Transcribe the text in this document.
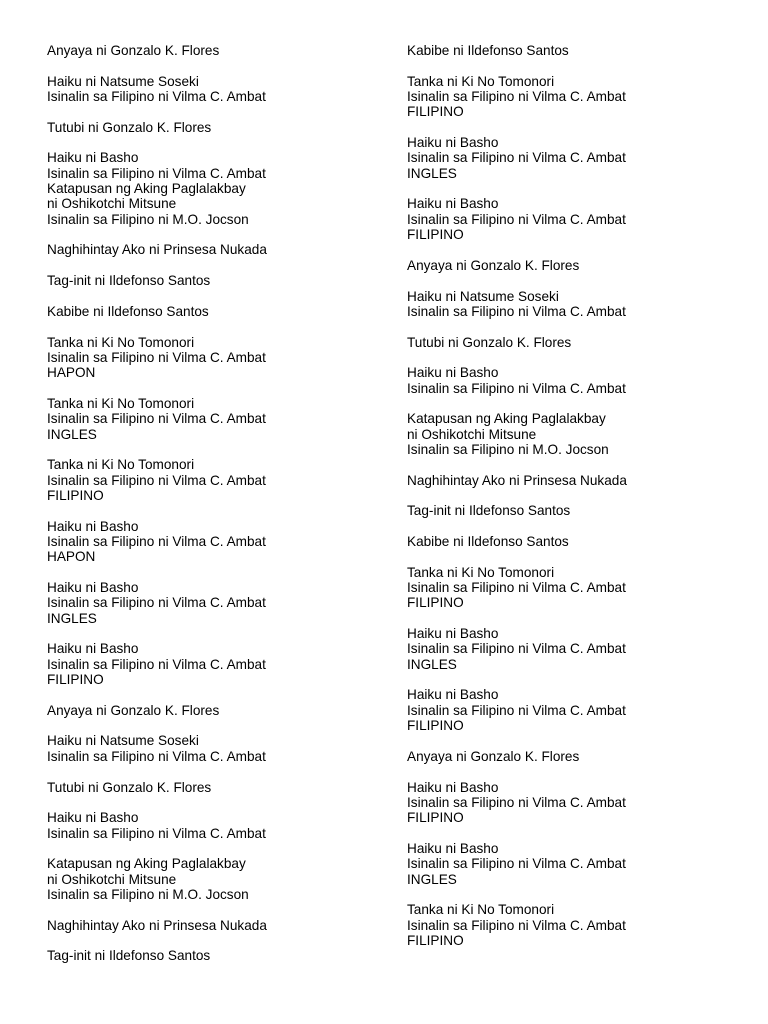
Anyaya ni Gonzalo K. Flores
Haiku ni Natsume Soseki
Isinalin sa Filipino ni Vilma C. Ambat
Tutubi ni Gonzalo K. Flores
Haiku ni Basho
Isinalin sa Filipino ni Vilma C. Ambat
Katapusan ng Aking Paglalakbay
ni Oshikotchi Mitsune
Isinalin sa Filipino ni M.O. Jocson
Naghihintay Ako ni Prinsesa Nukada
Tag-init ni Ildefonso Santos
Kabibe ni Ildefonso Santos
Tanka ni Ki No Tomonori
Isinalin sa Filipino ni Vilma C. Ambat
HAPON
Tanka ni Ki No Tomonori
Isinalin sa Filipino ni Vilma C. Ambat
INGLES
Tanka ni Ki No Tomonori
Isinalin sa Filipino ni Vilma C. Ambat
FILIPINO
Haiku ni Basho
Isinalin sa Filipino ni Vilma C. Ambat
HAPON
Haiku ni Basho
Isinalin sa Filipino ni Vilma C. Ambat
INGLES
Haiku ni Basho
Isinalin sa Filipino ni Vilma C. Ambat
FILIPINO
Anyaya ni Gonzalo K. Flores
Haiku ni Natsume Soseki
Isinalin sa Filipino ni Vilma C. Ambat
Tutubi ni Gonzalo K. Flores
Haiku ni Basho
Isinalin sa Filipino ni Vilma C. Ambat
Katapusan ng Aking Paglalakbay
ni Oshikotchi Mitsune
Isinalin sa Filipino ni M.O. Jocson
Naghihintay Ako ni Prinsesa Nukada
Tag-init ni Ildefonso Santos
Kabibe ni Ildefonso Santos
Tanka ni Ki No Tomonori
Isinalin sa Filipino ni Vilma C. Ambat
FILIPINO
Haiku ni Basho
Isinalin sa Filipino ni Vilma C. Ambat
INGLES
Haiku ni Basho
Isinalin sa Filipino ni Vilma C. Ambat
FILIPINO
Anyaya ni Gonzalo K. Flores
Haiku ni Natsume Soseki
Isinalin sa Filipino ni Vilma C. Ambat
Tutubi ni Gonzalo K. Flores
Haiku ni Basho
Isinalin sa Filipino ni Vilma C. Ambat
Katapusan ng Aking Paglalakbay
ni Oshikotchi Mitsune
Isinalin sa Filipino ni M.O. Jocson
Naghihintay Ako ni Prinsesa Nukada
Tag-init ni Ildefonso Santos
Kabibe ni Ildefonso Santos
Tanka ni Ki No Tomonori
Isinalin sa Filipino ni Vilma C. Ambat
FILIPINO
Haiku ni Basho
Isinalin sa Filipino ni Vilma C. Ambat
INGLES
Haiku ni Basho
Isinalin sa Filipino ni Vilma C. Ambat
FILIPINO
Anyaya ni Gonzalo K. Flores
Haiku ni Basho
Isinalin sa Filipino ni Vilma C. Ambat
FILIPINO
Haiku ni Basho
Isinalin sa Filipino ni Vilma C. Ambat
INGLES
Tanka ni Ki No Tomonori
Isinalin sa Filipino ni Vilma C. Ambat
FILIPINO
